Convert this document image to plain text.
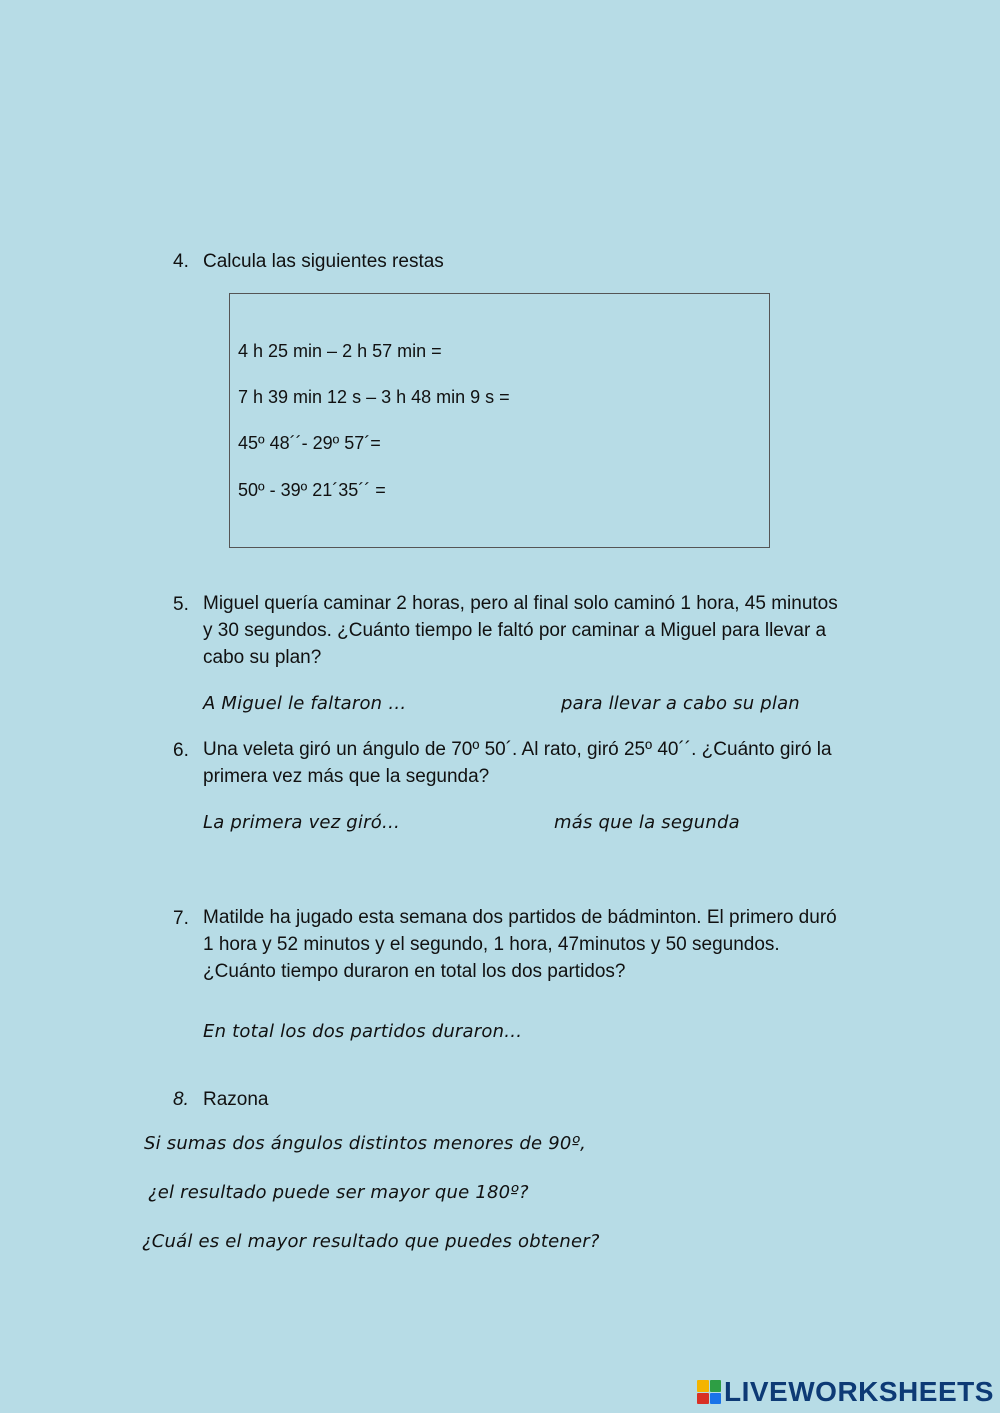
4. Calcula las siguientes restas
4 h 25 min – 2 h 57 min =
7 h 39 min 12 s – 3 h 48 min 9 s =
45º 48´´- 29º 57´=
50º - 39º 21´35´´ =
5. Miguel quería caminar 2 horas, pero al final solo caminó 1 hora, 45 minutos y 30 segundos. ¿Cuánto tiempo le faltó por caminar a Miguel para llevar a cabo su plan?
A Miguel le faltaron …	para llevar a cabo su plan
6. Una veleta giró un ángulo de 70º 50´. Al rato, giró 25º 40´´. ¿Cuánto giró la primera vez más que la segunda?
La primera vez giró…	más que la segunda
7. Matilde ha jugado esta semana dos partidos de bádminton. El primero duró 1 hora y 52 minutos y el segundo, 1 hora, 47minutos y 50 segundos. ¿Cuánto tiempo duraron en total los dos partidos?
En total los dos partidos duraron…
8. Razona
Si sumas dos ángulos distintos menores de 90º,
¿el resultado puede ser mayor que 180º?
¿Cuál es el mayor resultado que puedes obtener?
LIVEWORKSHEETS
